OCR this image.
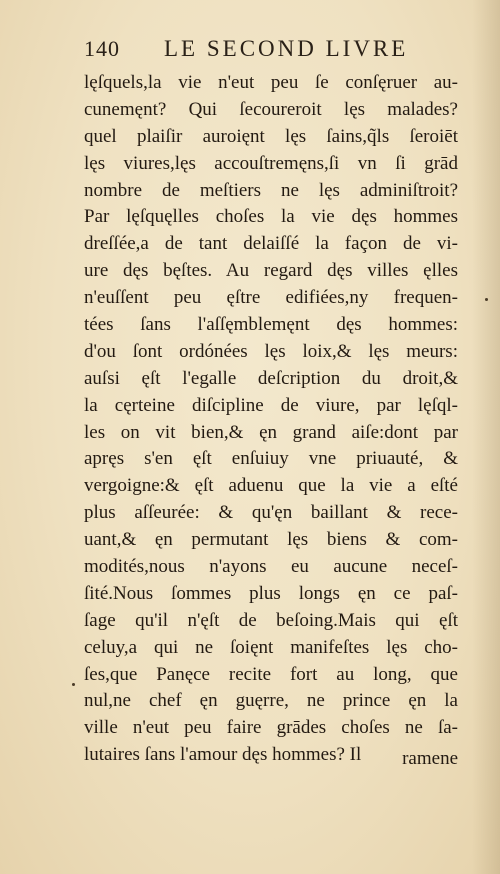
140 LE SECOND LIVRE
lęſquels,la vie n'eut peu ſe conſęruer au-
cunemęnt? Qui ſecoureroit lęs malades?
quel plaiſir auroięnt lęs ſains,q̃ls ſeroiēt
lęs viures,lęs accouſtremęns,ſi vn ſi grād
nombre de meſtiers ne lęs adminiſtroit?
Par lęſquęlles choſes la vie dęs hommes
dreſſée,a de tant delaiſſé la façon de vi-
ure dęs bęſtes. Au regard dęs villes ęlles
n'euſſent peu ęſtre edifiées,ny frequen-
tées ſans l'aſſęmblemęnt dęs hommes:
d'ou ſont ordónées lęs loix,& lęs meurs:
auſsi ęſt l'egalle deſcription du droit,&
la cęrteine diſcipline de viure, par lęſql-
les on vit bien,& ęn grand aiſe:dont par
apręs s'en ęſt enſuiuy vne priuauté, &
vergoigne:& ęſt aduenu que la vie a eſté
plus aſſeurée: & qu'ęn baillant & rece-
uant,& ęn permutant lęs biens & com-
modités,nous n'ayons eu aucune neceſ-
ſité.Nous ſommes plus longs ęn ce paſ-
ſage qu'il n'ęſt de beſoing.Mais qui ęſt
celuy,a qui ne ſoięnt manifeſtes lęs cho-
ſes,que Panęce recite fort au long, que
nul,ne chef ęn guęrre, ne prince ęn la
ville n'eut peu faire grādes choſes ne ſa-
lutaires ſans l'amour dęs hommes? Il	ramene
